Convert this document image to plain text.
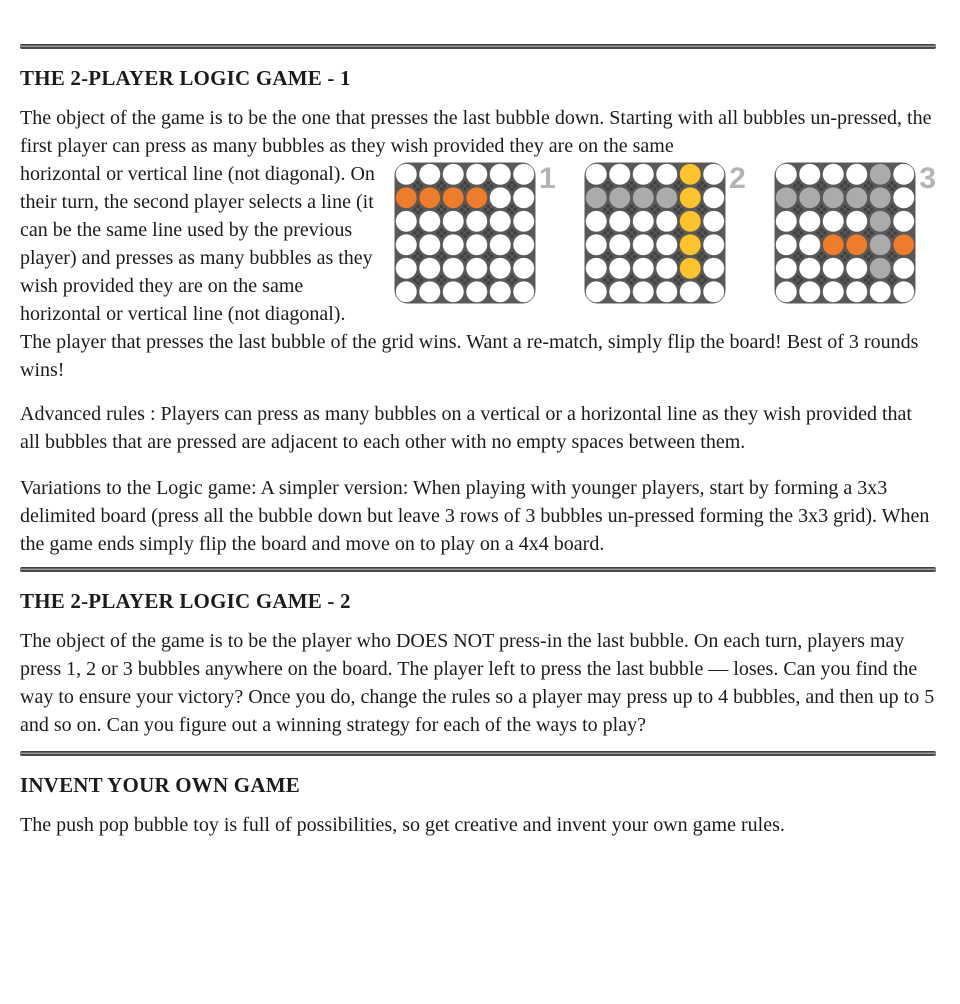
THE 2-PLAYER LOGIC GAME - 1

The object of the game is to be the one that presses the last bubble down. Starting with all bubbles un-pressed, the first player can press as many bubbles as they wish provided they are on the same

1	2	3
horizontal or vertical line (not diagonal). On their turn, the second player selects a line (it can be the same line used by the previous player) and presses as many bubbles as they wish provided they are on the same horizontal or vertical line (not diagonal).

The player that presses the last bubble of the grid wins. Want a re-match, simply flip the board! Best of 3 rounds wins!

Advanced rules : Players can press as many bubbles on a vertical or a horizontal line as they wish provided that all bubbles that are pressed are adjacent to each other with no empty spaces between them.

Variations to the Logic game: A simpler version: When playing with younger players, start by forming a 3x3 delimited board (press all the bubble down but leave 3 rows of 3 bubbles un-pressed forming the 3x3 grid). When the game ends simply flip the board and move on to play on a 4x4 board.

THE 2-PLAYER LOGIC GAME - 2

The object of the game is to be the player who DOES NOT press-in the last bubble. On each turn, players may press 1, 2 or 3 bubbles anywhere on the board. The player left to press the last bubble — loses. Can you find the way to ensure your victory? Once you do, change the rules so a player may press up to 4 bubbles, and then up to 5 and so on. Can you figure out a winning strategy for each of the ways to play?

INVENT YOUR OWN GAME

The push pop bubble toy is full of possibilities, so get creative and invent your own game rules.
